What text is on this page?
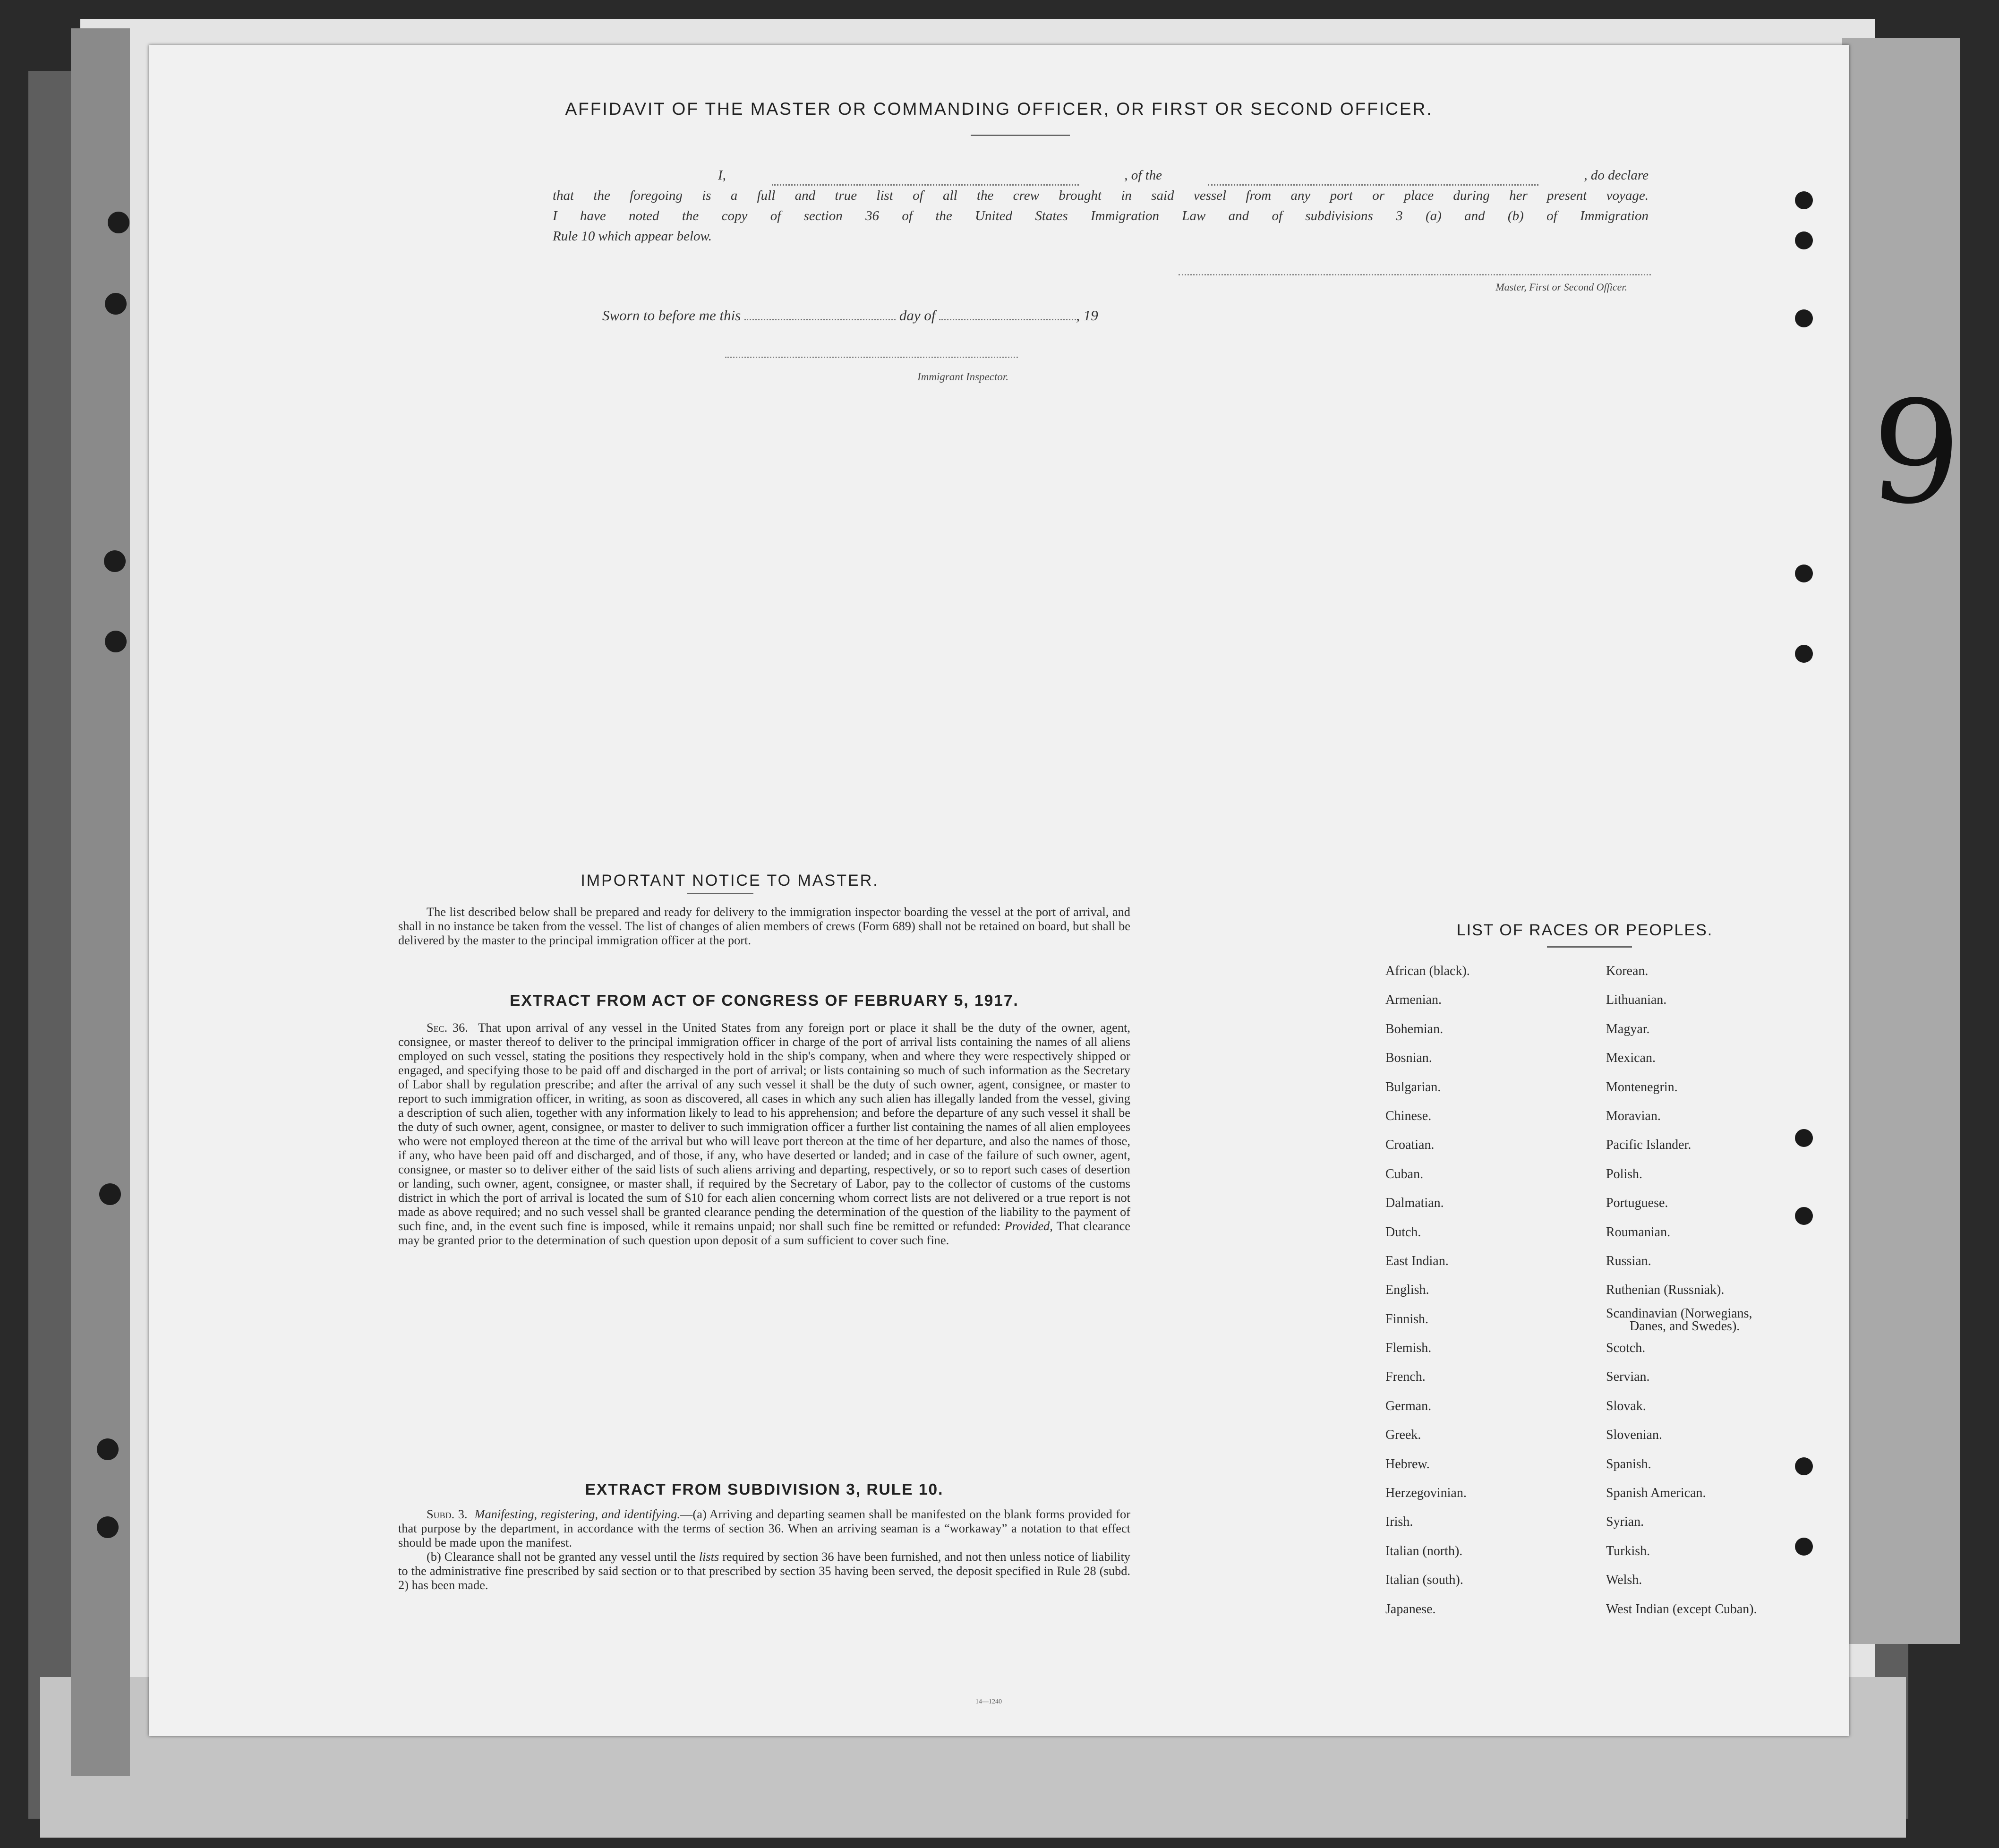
AFFIDAVIT OF THE MASTER OR COMMANDING OFFICER, OR FIRST OR SECOND OFFICER.
I,	, of the	, do declare
that the foregoing is a full and true list of all the crew brought in said vessel from any port or place during her present voyage.
I have noted the copy of section 36 of the United States Immigration Law and of subdivisions 3 (a) and (b) of Immigration
Rule 10 which appear below.
Master, First or Second Officer.
Sworn to before me this	day of	, 19
Immigrant Inspector.
IMPORTANT NOTICE TO MASTER.

The list described below shall be prepared and ready for delivery to the immigration inspector boarding the vessel at the port of arrival, and shall in no instance be taken from the vessel. The list of changes of alien members of crews (Form 689) shall not be retained on board, but shall be delivered by the master to the principal immigration officer at the port.

EXTRACT FROM ACT OF CONGRESS OF FEBRUARY 5, 1917.

Sec. 36. That upon arrival of any vessel in the United States from any foreign port or place it shall be the duty of the owner, agent, consignee, or master thereof to deliver to the principal immigration officer in charge of the port of arrival lists containing the names of all aliens employed on such vessel, stating the positions they respectively hold in the ship's company, when and where they were respectively shipped or engaged, and specifying those to be paid off and discharged in the port of arrival; or lists containing so much of such information as the Secretary of Labor shall by regulation prescribe; and after the arrival of any such vessel it shall be the duty of such owner, agent, consignee, or master to report to such immigration officer, in writing, as soon as discovered, all cases in which any such alien has illegally landed from the vessel, giving a description of such alien, together with any information likely to lead to his apprehension; and before the departure of any such vessel it shall be the duty of such owner, agent, consignee, or master to deliver to such immigration officer a further list containing the names of all alien employees who were not employed thereon at the time of the arrival but who will leave port thereon at the time of her departure, and also the names of those, if any, who have been paid off and discharged, and of those, if any, who have deserted or landed; and in case of the failure of such owner, agent, consignee, or master so to deliver either of the said lists of such aliens arriving and departing, respectively, or so to report such cases of desertion or landing, such owner, agent, consignee, or master shall, if required by the Secretary of Labor, pay to the collector of customs of the customs district in which the port of arrival is located the sum of $10 for each alien concerning whom correct lists are not delivered or a true report is not made as above required; and no such vessel shall be granted clearance pending the determination of the question of the liability to the payment of such fine, and, in the event such fine is imposed, while it remains unpaid; nor shall such fine be remitted or refunded: Provided, That clearance may be granted prior to the determination of such question upon deposit of a sum sufficient to cover such fine.

EXTRACT FROM SUBDIVISION 3, RULE 10.

Subd. 3. Manifesting, registering, and identifying.—(a) Arriving and departing seamen shall be manifested on the blank forms provided for that purpose by the department, in accordance with the terms of section 36. When an arriving seaman is a “workaway” a notation to that effect should be made upon the manifest.

(b) Clearance shall not be granted any vessel until the lists required by section 36 have been furnished, and not then unless notice of liability to the administrative fine prescribed by said section or to that prescribed by section 35 having been served, the deposit specified in Rule 28 (subd. 2) has been made.

14—1240
LIST OF RACES OR PEOPLES.
African (black).
Armenian.
Bohemian.
Bosnian.
Bulgarian.
Chinese.
Croatian.
Cuban.
Dalmatian.
Dutch.
East Indian.
English.
Finnish.
Flemish.
French.
German.
Greek.
Hebrew.
Herzegovinian.
Irish.
Italian (north).
Italian (south).
Japanese.
Korean.
Lithuanian.
Magyar.
Mexican.
Montenegrin.
Moravian.
Pacific Islander.
Polish.
Portuguese.
Roumanian.
Russian.
Ruthenian (Russniak).
Scandinavian (Norwegians,
Danes, and Swedes).
Scotch.
Servian.
Slovak.
Slovenian.
Spanish.
Spanish American.
Syrian.
Turkish.
Welsh.
West Indian (except Cuban).
9
